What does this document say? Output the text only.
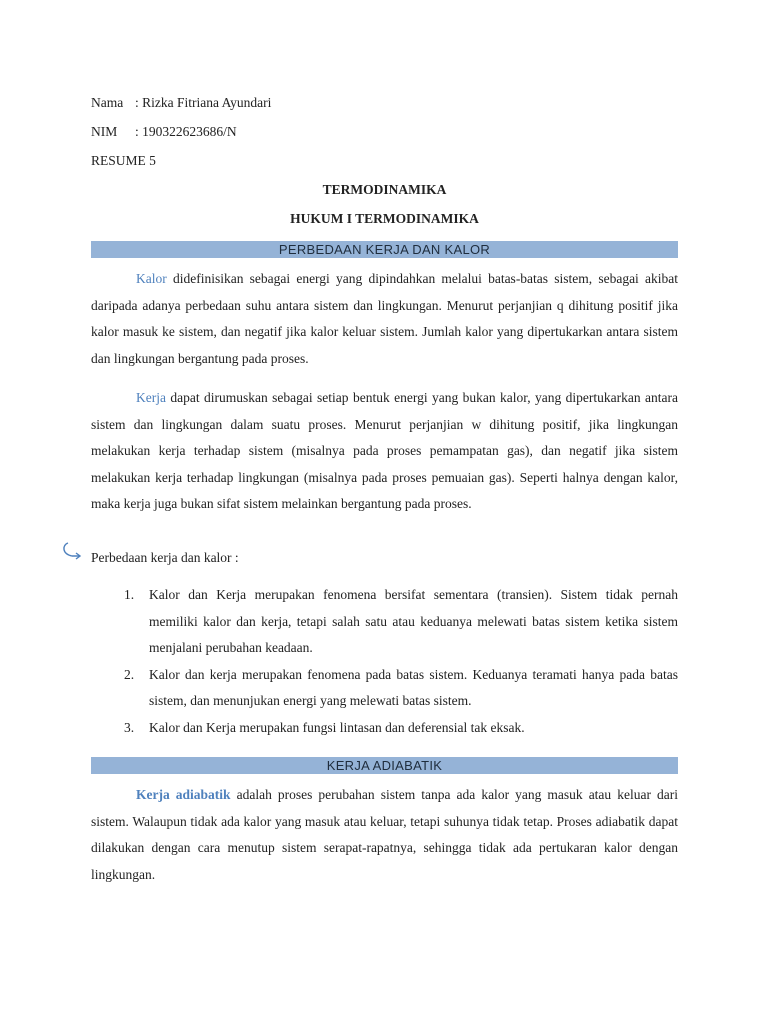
Nama : Rizka Fitriana Ayundari
NIM : 190322623686/N
RESUME 5
TERMODINAMIKA
HUKUM I TERMODINAMIKA
PERBEDAAN KERJA DAN KALOR

Kalor didefinisikan sebagai energi yang dipindahkan melalui batas-batas sistem, sebagai akibat daripada adanya perbedaan suhu antara sistem dan lingkungan. Menurut perjanjian q dihitung positif jika kalor masuk ke sistem, dan negatif jika kalor keluar sistem. Jumlah kalor yang dipertukarkan antara sistem dan lingkungan bergantung pada proses.

Kerja dapat dirumuskan sebagai setiap bentuk energi yang bukan kalor, yang dipertukarkan antara sistem dan lingkungan dalam suatu proses. Menurut perjanjian w dihitung positif, jika lingkungan melakukan kerja terhadap sistem (misalnya pada proses pemampatan gas), dan negatif jika sistem melakukan kerja terhadap lingkungan (misalnya pada proses pemuaian gas). Seperti halnya dengan kalor, maka kerja juga bukan sifat sistem melainkan bergantung pada proses.

Perbedaan kerja dan kalor :
1. Kalor dan Kerja merupakan fenomena bersifat sementara (transien). Sistem tidak pernah memiliki kalor dan kerja, tetapi salah satu atau keduanya melewati batas sistem ketika sistem menjalani perubahan keadaan.
2. Kalor dan kerja merupakan fenomena pada batas sistem. Keduanya teramati hanya pada batas sistem, dan menunjukan energi yang melewati batas sistem.
3. Kalor dan Kerja merupakan fungsi lintasan dan deferensial tak eksak.
KERJA ADIABATIK

Kerja adiabatik adalah proses perubahan sistem tanpa ada kalor yang masuk atau keluar dari sistem. Walaupun tidak ada kalor yang masuk atau keluar, tetapi suhunya tidak tetap. Proses adiabatik dapat dilakukan dengan cara menutup sistem serapat-rapatnya, sehingga tidak ada pertukaran kalor dengan lingkungan.
